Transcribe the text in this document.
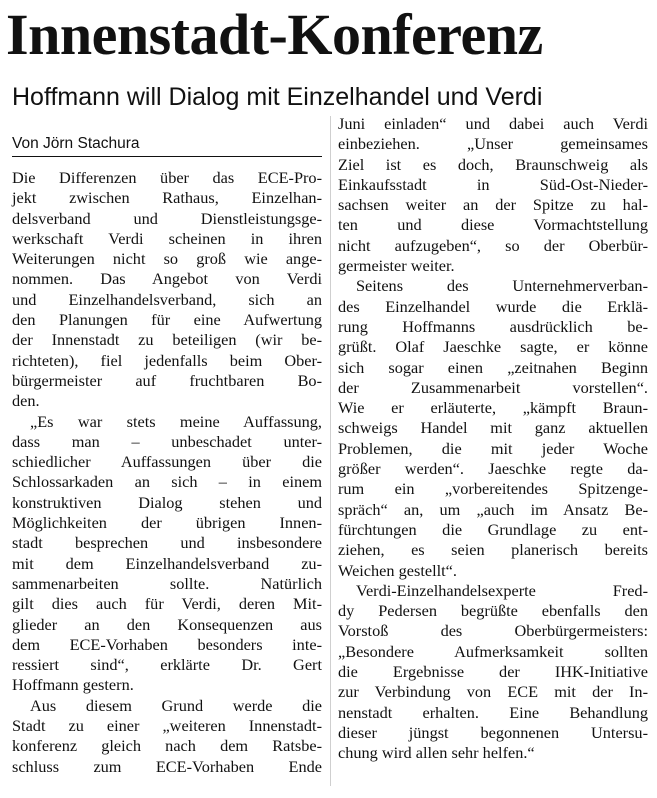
Innenstadt-Konferenz
Hoffmann will Dialog mit Einzelhandel und Verdi
Von Jörn Stachura
Die Differenzen über das ECE-Pro-
jekt zwischen Rathaus, Einzelhan-
delsverband und Dienstleistungsge-
werkschaft Verdi scheinen in ihren
Weiterungen nicht so groß wie ange-
nommen. Das Angebot von Verdi
und Einzelhandelsverband, sich an
den Planungen für eine Aufwertung
der Innenstadt zu beteiligen (wir be-
richteten), fiel jedenfalls beim Ober-
bürgermeister auf fruchtbaren Bo-
den.
„Es war stets meine Auffassung,
dass man – unbeschadet unter-
schiedlicher Auffassungen über die
Schlossarkaden an sich – in einem
konstruktiven Dialog stehen und
Möglichkeiten der übrigen Innen-
stadt besprechen und insbesondere
mit dem Einzelhandelsverband zu-
sammenarbeiten sollte. Natürlich
gilt dies auch für Verdi, deren Mit-
glieder an den Konsequenzen aus
dem ECE-Vorhaben besonders inte-
ressiert sind“, erklärte Dr. Gert
Hoffmann gestern.
Aus diesem Grund werde die
Stadt zu einer „weiteren Innenstadt-
konferenz gleich nach dem Ratsbe-
schluss zum ECE-Vorhaben Ende
Juni einladen“ und dabei auch Verdi
einbeziehen. „Unser gemeinsames
Ziel ist es doch, Braunschweig als
Einkaufsstadt in Süd-Ost-Nieder-
sachsen weiter an der Spitze zu hal-
ten und diese Vormachtstellung
nicht aufzugeben“, so der Oberbür-
germeister weiter.
Seitens des Unternehmerverban-
des Einzelhandel wurde die Erklä-
rung Hoffmanns ausdrücklich be-
grüßt. Olaf Jaeschke sagte, er könne
sich sogar einen „zeitnahen Beginn
der Zusammenarbeit vorstellen“.
Wie er erläuterte, „kämpft Braun-
schweigs Handel mit ganz aktuellen
Problemen, die mit jeder Woche
größer werden“. Jaeschke regte da-
rum ein „vorbereitendes Spitzenge-
spräch“ an, um „auch im Ansatz Be-
fürchtungen die Grundlage zu ent-
ziehen, es seien planerisch bereits
Weichen gestellt“.
Verdi-Einzelhandelsexperte Fred-
dy Pedersen begrüßte ebenfalls den
Vorstoß des Oberbürgermeisters:
„Besondere Aufmerksamkeit sollten
die Ergebnisse der IHK-Initiative
zur Verbindung von ECE mit der In-
nenstadt erhalten. Eine Behandlung
dieser jüngst begonnenen Untersu-
chung wird allen sehr helfen.“
